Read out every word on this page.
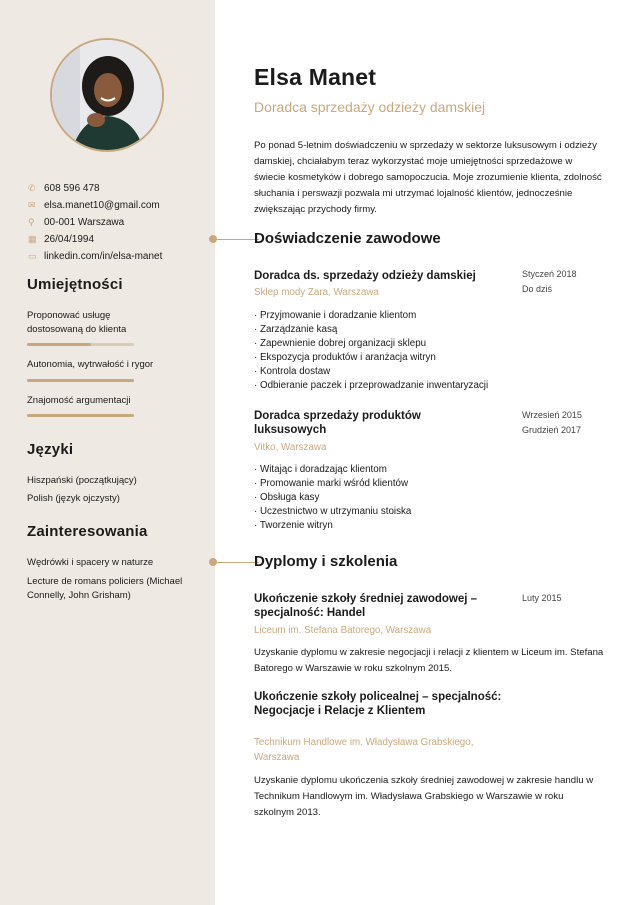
✆ 608 596 478
✉ elsa.manet10@gmail.com
⚲ 00-001 Warszawa
▦ 26/04/1994
▭ linkedin.com/in/elsa-manet
Umiejętności
Proponować usługę dostosowaną do klienta
Autonomia, wytrwałość i rygor
Znajomość argumentacji
Języki
Hiszpański (początkujący)
Polish (język ojczysty)
Zainteresowania
Wędrówki i spacery w naturze
Lecture de romans policiers (Michael Connelly, John Grisham)
Elsa Manet
Doradca sprzedaży odzieży damskiej
Po ponad 5-letnim doświadczeniu w sprzedaży w sektorze luksusowym i odzieży damskiej, chciałabym teraz wykorzystać moje umiejętności sprzedażowe w świecie kosmetyków i dobrego samopoczucia. Moje zrozumienie klienta, zdolność słuchania i perswazji pozwala mi utrzymać lojalność klientów, jednocześnie zwiększając przychody firmy.
Doświadczenie zawodowe
Doradca ds. sprzedaży odzieży damskiej	Styczeń 2018
Do dziś
Sklep mody Zara, Warszawa
· Przyjmowanie i doradzanie klientom
· Zarządzanie kasą
· Zapewnienie dobrej organizacji sklepu
· Ekspozycja produktów i aranżacja witryn
· Kontrola dostaw
· Odbieranie paczek i przeprowadzanie inwentaryzacji
Doradca sprzedaży produktów luksusowych
Wrzesień 2015
Grudzień 2017
Vitko, Warszawa
· Witając i doradzając klientom
· Promowanie marki wśród klientów
· Obsługa kasy
· Uczestnictwo w utrzymaniu stoiska
· Tworzenie witryn
Dyplomy i szkolenia
Ukończenie szkoły średniej zawodowej – specjalność: Handel
Luty 2015
Liceum im. Stefana Batorego, Warszawa
Uzyskanie dyplomu w zakresie negocjacji i relacji z klientem w Liceum im. Stefana Batorego w Warszawie w roku szkolnym 2015.
Ukończenie szkoły policealnej – specjalność: Negocjacje i Relacje z Klientem
Technikum Handlowe im. Władysława Grabskiego, Warszawa
Uzyskanie dyplomu ukończenia szkoły średniej zawodowej w zakresie handlu w Technikum Handlowym im. Władysława Grabskiego w Warszawie w roku szkolnym 2013.
